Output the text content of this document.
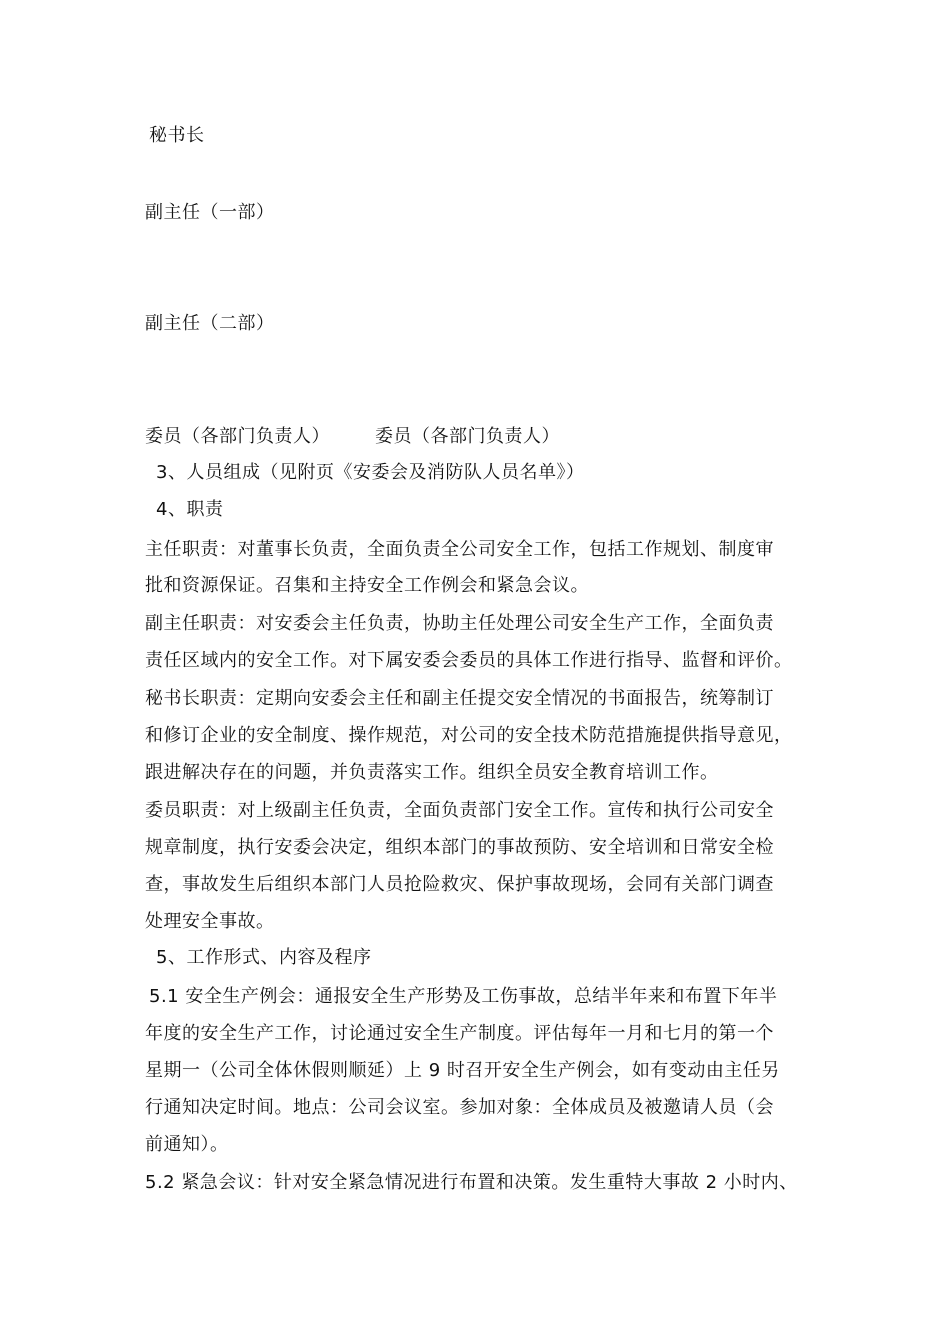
秘书长
副主任（一部）
副主任（二部）
委员（各部门负责人）	委员（各部门负责人）
3、人员组成（见附页《安委会及消防队人员名单》）
4、职责
主任职责：对董事长负责，全面负责全公司安全工作，包括工作规划、制度审
批和资源保证。召集和主持安全工作例会和紧急会议。
副主任职责：对安委会主任负责，协助主任处理公司安全生产工作，全面负责
责任区域内的安全工作。对下属安委会委员的具体工作进行指导、监督和评价。
秘书长职责：定期向安委会主任和副主任提交安全情况的书面报告，统筹制订
和修订企业的安全制度、操作规范，对公司的安全技术防范措施提供指导意见，
跟进解决存在的问题，并负责落实工作。组织全员安全教育培训工作。
委员职责：对上级副主任负责，全面负责部门安全工作。宣传和执行公司安全
规章制度，执行安委会决定，组织本部门的事故预防、安全培训和日常安全检
查，事故发生后组织本部门人员抢险救灾、保护事故现场，会同有关部门调查
处理安全事故。
5、工作形式、内容及程序
5.1 安全生产例会：通报安全生产形势及工伤事故，总结半年来和布置下年半
年度的安全生产工作，讨论通过安全生产制度。评估每年一月和七月的第一个
星期一（公司全体休假则顺延）上 9 时召开安全生产例会，如有变动由主任另
行通知决定时间。地点：公司会议室。参加对象：全体成员及被邀请人员（会
前通知）。
5.2 紧急会议：针对安全紧急情况进行布置和决策。发生重特大事故 2 小时内、
